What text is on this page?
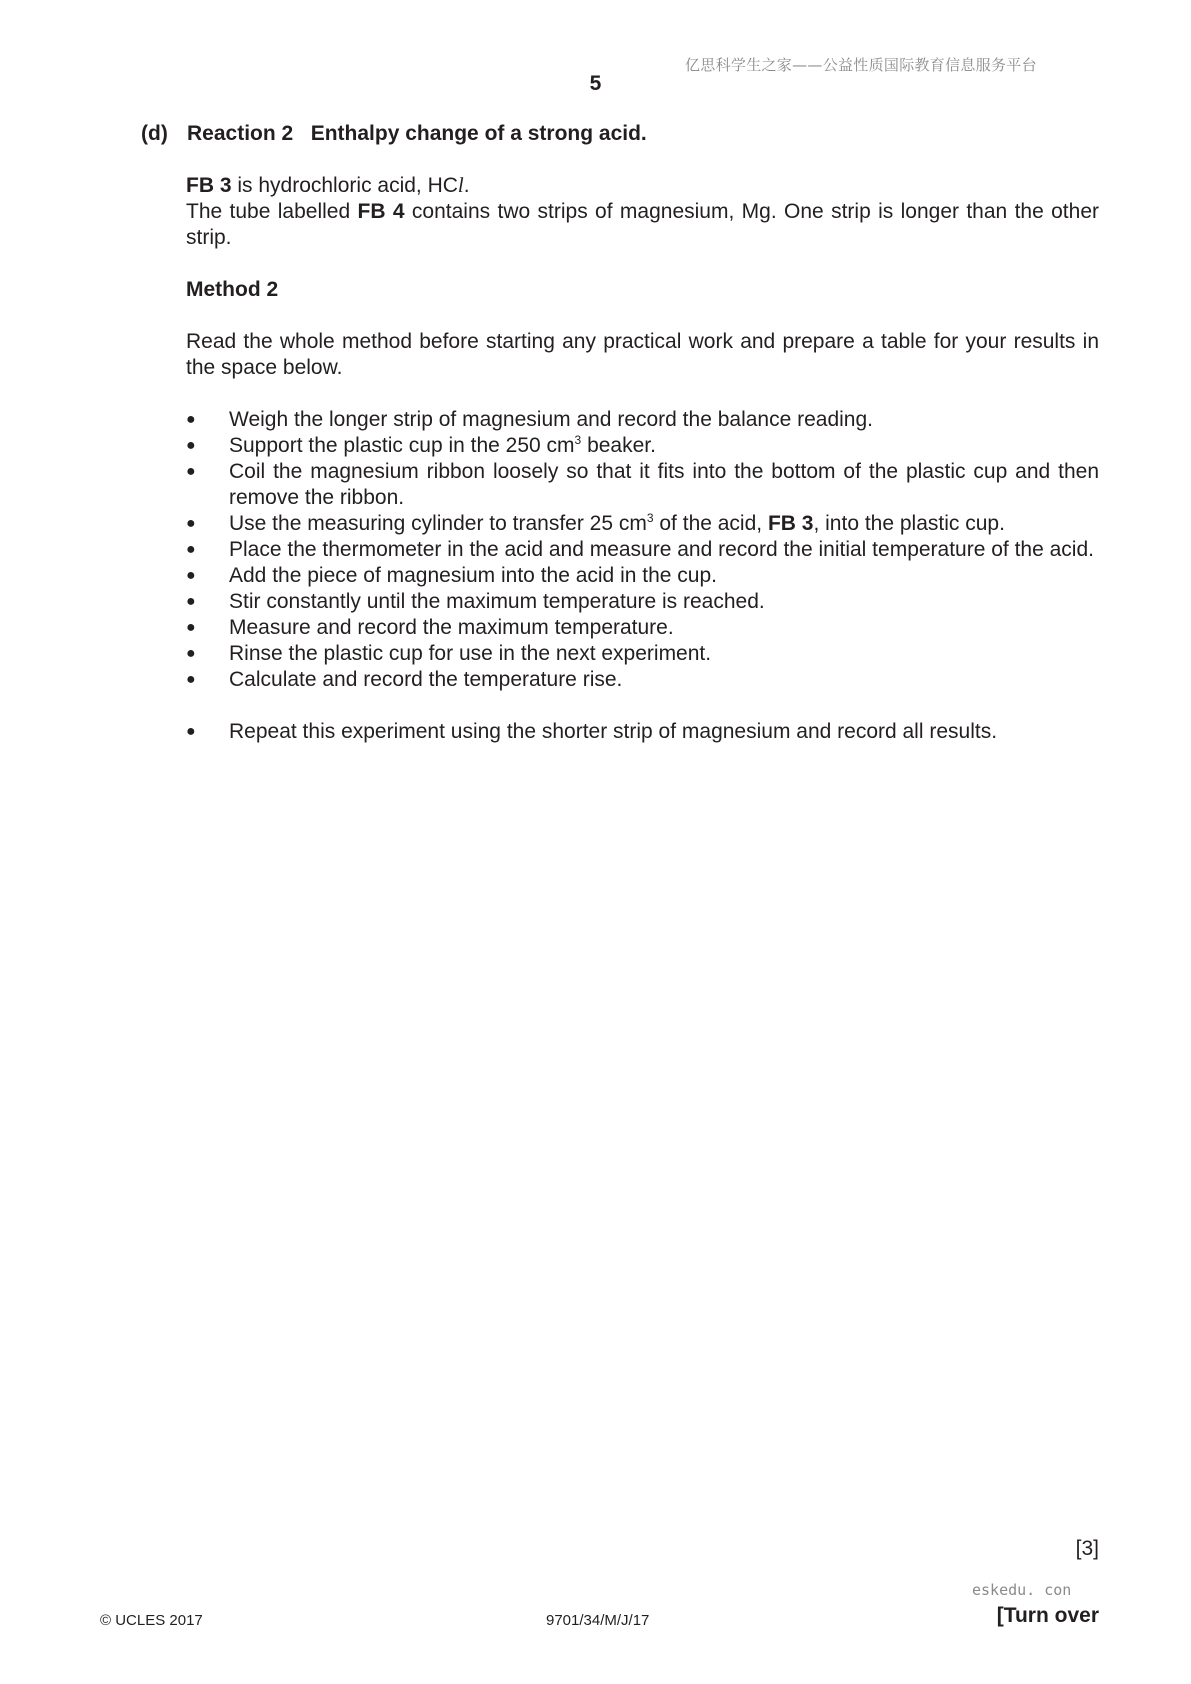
亿思科学生之家——公益性质国际教育信息服务平台
5
(d) Reaction 2   Enthalpy change of a strong acid.

FB 3 is hydrochloric acid, HCl.

The tube labelled FB 4 contains two strips of magnesium, Mg. One strip is longer than the other strip.

Method 2

Read the whole method before starting any practical work and prepare a table for your results in the space below.

● Weigh the longer strip of magnesium and record the balance reading.
● Support the plastic cup in the 250 $cm^3$ beaker.
● Coil the magnesium ribbon loosely so that it fits into the bottom of the plastic cup and then remove the ribbon.
● Use the measuring cylinder to transfer 25 $cm^3$ of the acid, FB 3, into the plastic cup.
● Place the thermometer in the acid and measure and record the initial temperature of the acid.
● Add the piece of magnesium into the acid in the cup.
● Stir constantly until the maximum temperature is reached.
● Measure and record the maximum temperature.
● Rinse the plastic cup for use in the next experiment.
● Calculate and record the temperature rise.
● Repeat this experiment using the shorter strip of magnesium and record all results.
[3]
eskedu. con
© UCLES 2017	9701/34/M/J/17	[Turn over
